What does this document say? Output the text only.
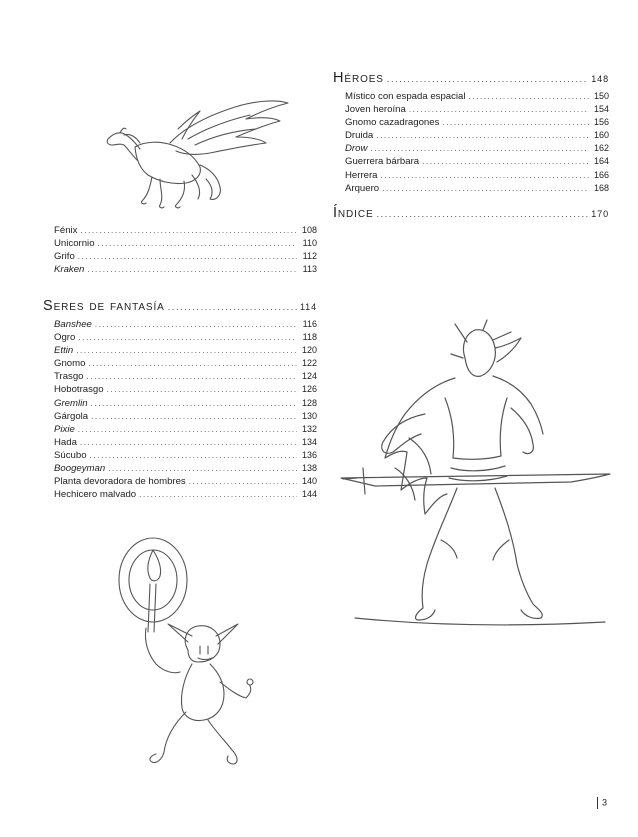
Fénix .....	108
Unicornio .....	110
Grifo .....	112
Kraken .....	113
Seres de fantasía .....	114
Banshee .....	116
Ogro .....	118
Ettin .....	120
Gnomo .....	122
Trasgo .....	124
Hobotrasgo .....	126
Gremlin .....	128
Gárgola .....	130
Pixie .....	132
Hada .....	134
Súcubo .....	136
Boogeyman .....	138
Planta devoradora de hombres .....	140
Hechicero malvado .....	144
Héroes .....	148
Místico con espada espacial .....	150
Joven heroína .....	154
Gnomo cazadragones .....	156
Druida .....	160
Drow .....	162
Guerrera bárbara .....	164
Herrera .....	166
Arquero .....	168
Índice .....	170
3
